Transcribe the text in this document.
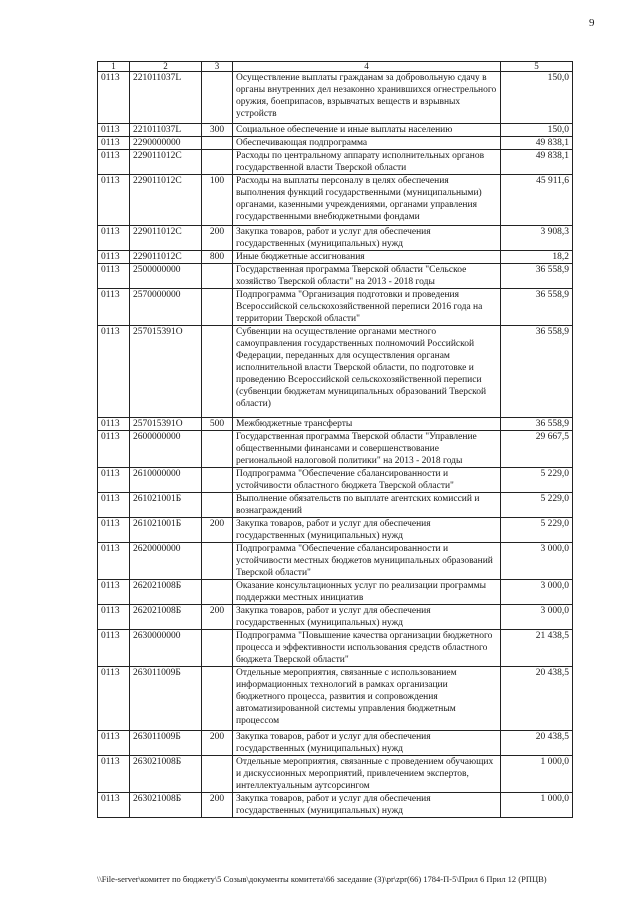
9
1	2	3	4	5
0113	221011037L		Осуществление выплаты гражданам за добровольную сдачу в органы внутренних дел незаконно хранившихся огнестрельного оружия, боеприпасов, взрывчатых веществ и взрывных устройств	150,0
0113	221011037L	300	Социальное обеспечение и иные выплаты населению	150,0
0113	2290000000		Обеспечивающая подпрограмма	49 838,1
0113	229011012С		Расходы по центральному аппарату исполнительных органов государственной власти Тверской области	49 838,1
0113	229011012С	100	Расходы на выплаты персоналу в целях обеспечения выполнения функций государственными (муниципальными) органами, казенными учреждениями, органами управления государственными внебюджетными фондами	45 911,6
0113	229011012С	200	Закупка товаров, работ и услуг для обеспечения государственных (муниципальных) нужд	3 908,3
0113	229011012С	800	Иные бюджетные ассигнования	18,2
0113	2500000000		Государственная программа Тверской области "Сельское хозяйство Тверской области" на 2013 - 2018 годы	36 558,9
0113	2570000000		Подпрограмма "Организация подготовки и проведения Всероссийской сельскохозяйственной переписи 2016 года на территории Тверской области"	36 558,9
0113	257015391О		Субвенции на осуществление органами местного самоуправления государственных полномочий Российской Федерации, переданных для осуществления органам исполнительной власти Тверской области, по подготовке и проведению Всероссийской сельскохозяйственной переписи (субвенции бюджетам муниципальных образований Тверской области)	36 558,9
0113	257015391О	500	Межбюджетные трансферты	36 558,9
0113	2600000000		Государственная программа Тверской области "Управление общественными финансами и совершенствование региональной налоговой политики" на 2013 - 2018 годы	29 667,5
0113	2610000000		Подпрограмма "Обеспечение сбалансированности и устойчивости областного бюджета Тверской области"	5 229,0
0113	261021001Б		Выполнение обязательств по выплате агентских комиссий и вознаграждений	5 229,0
0113	261021001Б	200	Закупка товаров, работ и услуг для обеспечения государственных (муниципальных) нужд	5 229,0
0113	2620000000		Подпрограмма "Обеспечение сбалансированности и устойчивости местных бюджетов муниципальных образований Тверской области"	3 000,0
0113	262021008Б		Оказание консультационных услуг по реализации программы поддержки местных инициатив	3 000,0
0113	262021008Б	200	Закупка товаров, работ и услуг для обеспечения государственных (муниципальных) нужд	3 000,0
0113	2630000000		Подпрограмма "Повышение качества организации бюджетного процесса и эффективности использования средств областного бюджета Тверской области"	21 438,5
0113	263011009Б		Отдельные мероприятия, связанные с использованием информационных технологий в рамках организации бюджетного процесса, развития и сопровождения автоматизированной системы управления бюджетным процессом	20 438,5
0113	263011009Б	200	Закупка товаров, работ и услуг для обеспечения государственных (муниципальных) нужд	20 438,5
0113	263021008Б		Отдельные мероприятия, связанные с проведением обучающих и дискуссионных мероприятий, привлечением экспертов, интеллектуальным аутсорсингом	1 000,0
0113	263021008Б	200	Закупка товаров, работ и услуг для обеспечения государственных (муниципальных) нужд	1 000,0
\\File-server\комитет по бюджету\5 Созыв\документы комитета\66 заседание (3)\pr\zpr(66) 1784-П-5\Прил 6 Прил 12 (РПЦВ)
